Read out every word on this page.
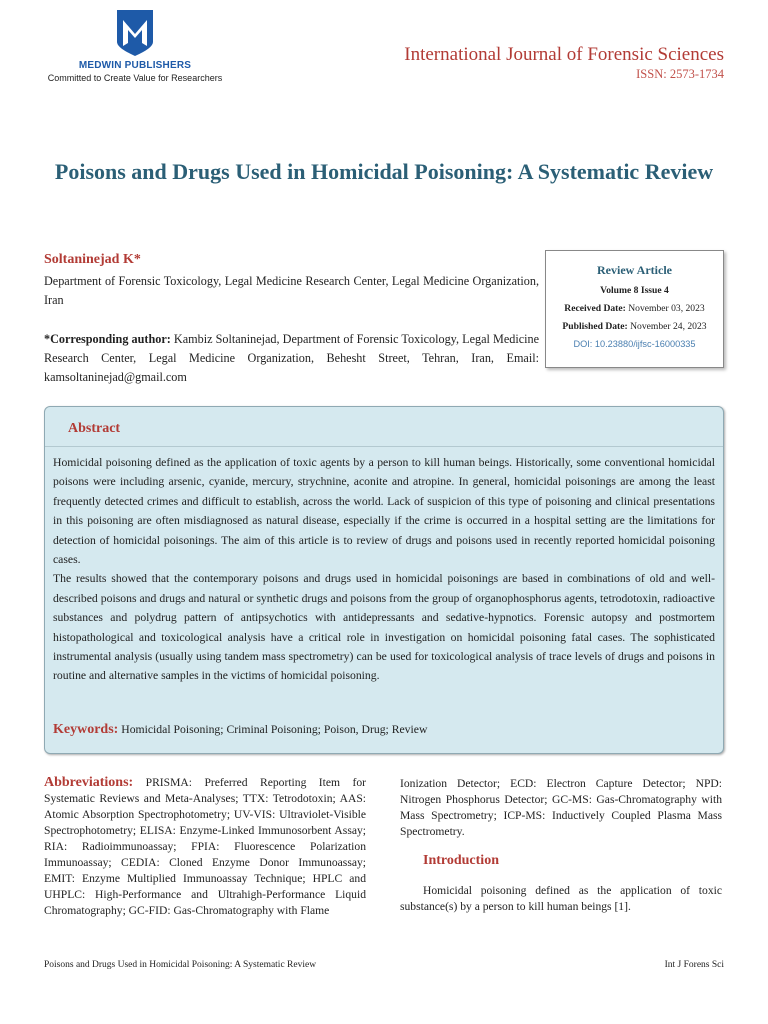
MEDWIN PUBLISHERS
Committed to Create Value for Researchers
International Journal of Forensic Sciences
ISSN: 2573-1734
Poisons and Drugs Used in Homicidal Poisoning: A Systematic Review
Soltaninejad K*
Department of Forensic Toxicology, Legal Medicine Research Center, Legal Medicine Organization, Iran
*Corresponding author: Kambiz Soltaninejad, Department of Forensic Toxicology, Legal Medicine Research Center, Legal Medicine Organization, Behesht Street, Tehran, Iran, Email: kamsoltaninejad@gmail.com
Review Article
Volume 8 Issue 4
Received Date: November 03, 2023
Published Date: November 24, 2023
DOI: 10.23880/ijfsc-16000335
Abstract

Homicidal poisoning defined as the application of toxic agents by a person to kill human beings. Historically, some conventional homicidal poisons were including arsenic, cyanide, mercury, strychnine, aconite and atropine. In general, homicidal poisonings are among the least frequently detected crimes and difficult to establish, across the world. Lack of suspicion of this type of poisoning and clinical presentations in this poisoning are often misdiagnosed as natural disease, especially if the crime is occurred in a hospital setting are the limitations for detection of homicidal poisonings. The aim of this article is to review of drugs and poisons used in recently reported homicidal poisoning cases.

The results showed that the contemporary poisons and drugs used in homicidal poisonings are based in combinations of old and well-described poisons and drugs and natural or synthetic drugs and poisons from the group of organophosphorus agents, tetrodotoxin, radioactive substances and polydrug pattern of antipsychotics with antidepressants and sedative-hypnotics. Forensic autopsy and postmortem histopathological and toxicological analysis have a critical role in investigation on homicidal poisoning fatal cases. The sophisticated instrumental analysis (usually using tandem mass spectrometry) can be used for toxicological analysis of trace levels of drugs and poisons in routine and alternative samples in the victims of homicidal poisoning.

Keywords: Homicidal Poisoning; Criminal Poisoning; Poison, Drug; Review
Abbreviations: PRISMA: Preferred Reporting Item for Systematic Reviews and Meta-Analyses; TTX: Tetrodotoxin; AAS: Atomic Absorption Spectrophotometry; UV-VIS: Ultraviolet-Visible Spectrophotometry; ELISA: Enzyme-Linked Immunosorbent Assay; RIA: Radioimmunoassay; FPIA: Fluorescence Polarization Immunoassay; CEDIA: Cloned Enzyme Donor Immunoassay; EMIT: Enzyme Multiplied Immunoassay Technique; HPLC and UHPLC: High-Performance and Ultrahigh-Performance Liquid Chromatography; GC-FID: Gas-Chromatography with Flame
Ionization Detector; ECD: Electron Capture Detector; NPD: Nitrogen Phosphorus Detector; GC-MS: Gas-Chromatography with Mass Spectrometry; ICP-MS: Inductively Coupled Plasma Mass Spectrometry.
Introduction
Homicidal poisoning defined as the application of toxic substance(s) by a person to kill human beings [1].
Poisons and Drugs Used in Homicidal Poisoning: A Systematic Review	Int J Forens Sci
